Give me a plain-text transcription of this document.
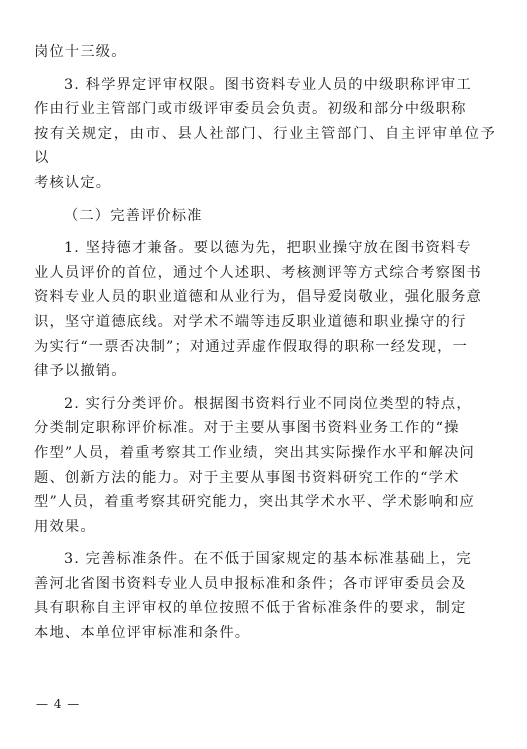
岗位十三级。

3. 科学界定评审权限。图书资料专业人员的中级职称评审工
作由行业主管部门或市级评审委员会负责。初级和部分中级职称
按有关规定，由市、县人社部门、行业主管部门、自主评审单位予以
考核认定。

（二）完善评价标准

1. 坚持德才兼备。要以德为先，把职业操守放在图书资料专
业人员评价的首位，通过个人述职、考核测评等方式综合考察图书
资料专业人员的职业道德和从业行为，倡导爱岗敬业，强化服务意
识，坚守道德底线。对学术不端等违反职业道德和职业操守的行
为实行“一票否决制”；对通过弄虚作假取得的职称一经发现，一
律予以撤销。

2. 实行分类评价。根据图书资料行业不同岗位类型的特点，
分类制定职称评价标准。对于主要从事图书资料业务工作的“操
作型”人员，着重考察其工作业绩，突出其实际操作水平和解决问
题、创新方法的能力。对于主要从事图书资料研究工作的“学术
型”人员，着重考察其研究能力，突出其学术水平、学术影响和应
用效果。

3. 完善标准条件。在不低于国家规定的基本标准基础上，完
善河北省图书资料专业人员申报标准和条件；各市评审委员会及
具有职称自主评审权的单位按照不低于省标准条件的要求，制定
本地、本单位评审标准和条件。

— 4 —
